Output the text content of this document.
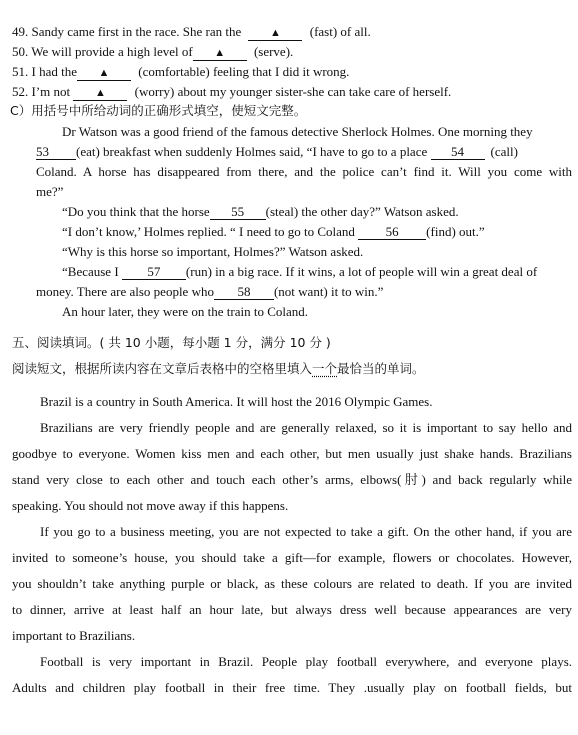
49. Sandy came first in the race. She ran the	▲ (fast) of all.
50. We will provide a high level of ▲ (serve).
51. I had the ▲ (comfortable) feeling that I did it wrong.
52. I’m not ▲ (worry) about my younger sister-she can take care of herself.
C）用括号中所给动词的正确形式填空，使短文完整。
Dr Watson was a good friend of the famous detective Sherlock Holmes. One morning they
53 (eat) breakfast when suddenly Holmes said, “I have to go to a place 54 (call)
Coland. A horse has disappeared from there, and the police can’t find it. Will you come with
me?”
“Do you think that the horse 55 (steal) the other day?” Watson asked.
“I don’t know,’ Holmes replied. “ I need to go to Coland 56 (find) out.”
“Why is this horse so important, Holmes?” Watson asked.
“Because I 57 (run) in a big race. If it wins, a lot of people will win a great deal of
money. There are also people who 58 (not want) it to win.”
An hour later, they were on the train to Coland.
五、阅读填词。( 共 10 小题，每小题 1 分，满分 10 分 )
阅读短文，根据所读内容在文章后表格中的空格里填入一个最恰当的单词。
Brazil is a country in South America. It will host the 2016 Olympic Games.
Brazilians are very friendly people and are generally relaxed, so it is important to say hello and
goodbye to everyone. Women kiss men and each other, but men usually just shake hands. Brazilians
stand very close to each other and touch each other’s arms, elbows(肘) and back regularly while
speaking. You should not move away if this happens.
If you go to a business meeting, you are not expected to take a gift. On the other hand, if you are
invited to someone’s house, you should take a gift—for example, flowers or chocolates. However,
you shouldn’t take anything purple or black, as these colours are related to death. If you are invited
to dinner, arrive at least half an hour late, but always dress well because appearances are very
important to Brazilians.
Football is very important in Brazil. People play football everywhere, and everyone plays.
Adults and children play football in their free time. They .usually play on football fields, but
